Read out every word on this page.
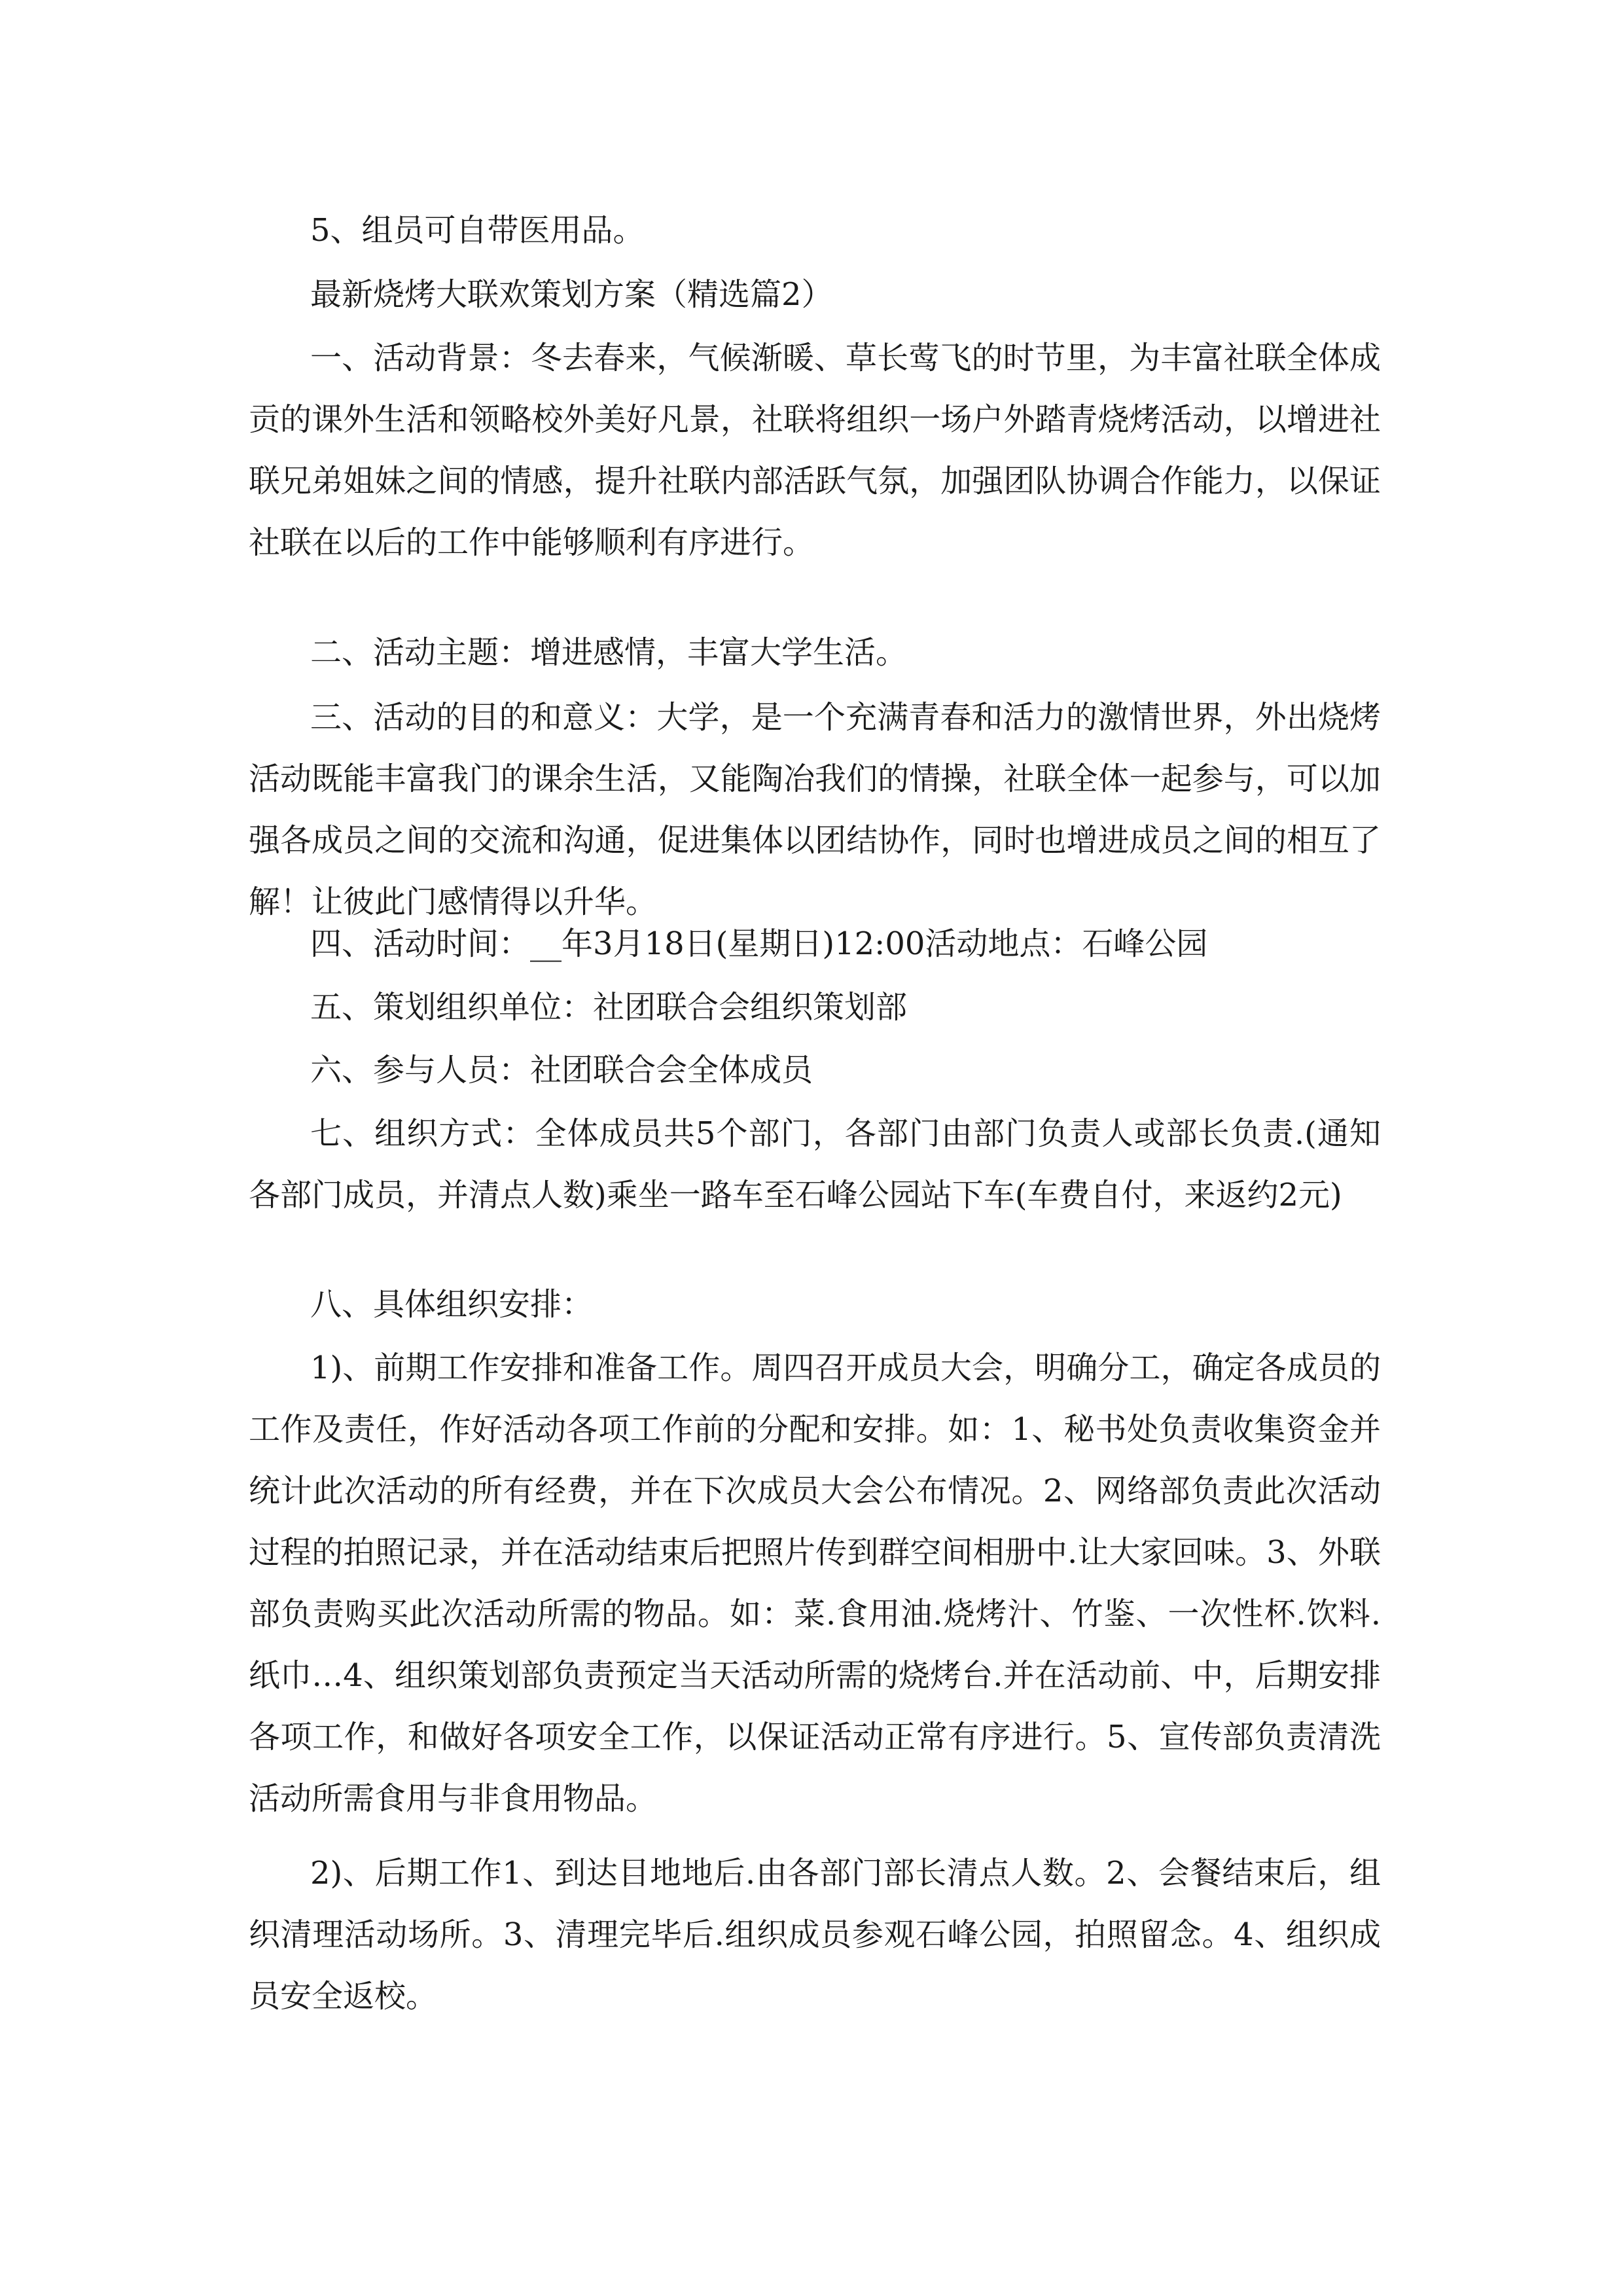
5、组员可自带医用品。

最新烧烤大联欢策划方案（精选篇2）

一、活动背景：冬去春来，气候渐暖、草长莺飞的时节里，为丰富社联全体成贡的课外生活和领略校外美好凡景，社联将组织一场户外踏青烧烤活动，以增进社联兄弟姐妹之间的情感，提升社联内部活跃气氛，加强团队协调合作能力，以保证社联在以后的工作中能够顺利有序进行。

二、活动主题：增进感情，丰富大学生活。

三、活动的目的和意义：大学，是一个充满青春和活力的激情世界，外出烧烤活动既能丰富我门的课余生活，又能陶冶我们的情操，社联全体一起参与，可以加强各成员之间的交流和沟通，促进集体以团结协作，同时也增进成员之间的相互了解！让彼此门感情得以升华。

四、活动时间：__年3月18日(星期日)12:00活动地点：石峰公园

五、策划组织单位：社团联合会组织策划部

六、参与人员：社团联合会全体成员

七、组织方式：全体成员共5个部门，各部门由部门负责人或部长负责.(通知各部门成员，并清点人数)乘坐一路车至石峰公园站下车(车费自付，来返约2元)

八、具体组织安排：

1)、前期工作安排和准备工作。周四召开成员大会，明确分工，确定各成员的工作及责任，作好活动各项工作前的分配和安排。如：1、秘书处负责收集资金并统计此次活动的所有经费，并在下次成员大会公布情况。2、网络部负责此次活动过程的拍照记录，并在活动结束后把照片传到群空间相册中.让大家回味。3、外联部负责购买此次活动所需的物品。如：菜.食用油.烧烤汁、竹鉴、一次性杯.饮料.纸巾…4、组织策划部负责预定当天活动所需的烧烤台.并在活动前、中，后期安排各项工作，和做好各项安全工作，以保证活动正常有序进行。5、宣传部负责清洗活动所需食用与非食用物品。

2)、后期工作1、到达目地地后.由各部门部长清点人数。2、会餐结束后，组织清理活动场所。3、清理完毕后.组织成员参观石峰公园，拍照留念。4、组织成员安全返校。
